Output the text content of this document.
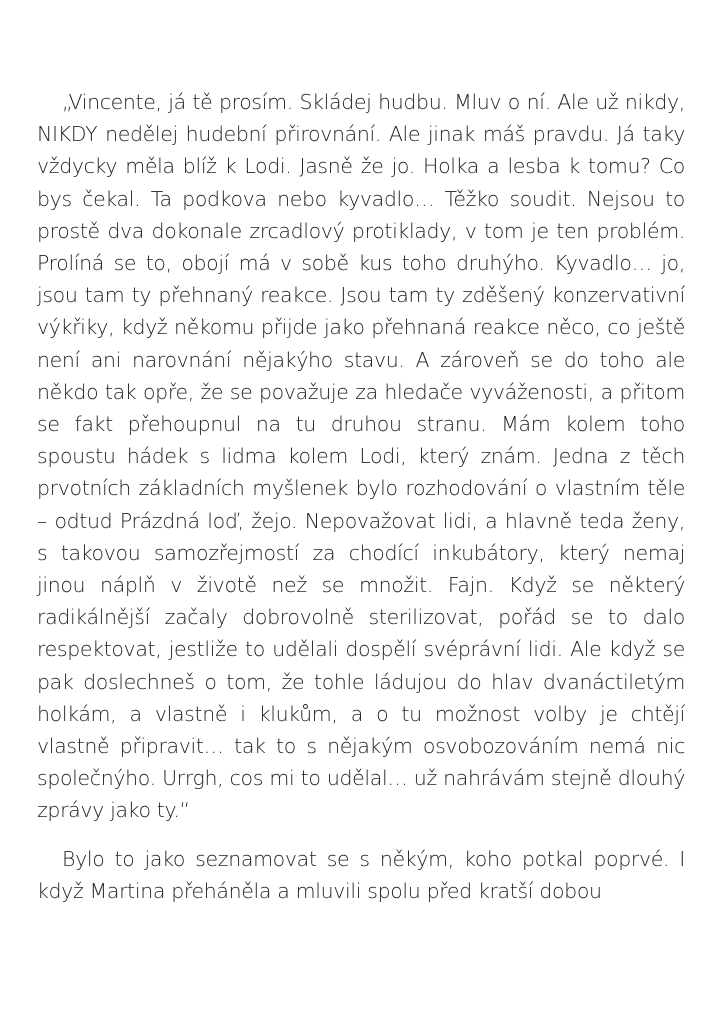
„Vincente, já tě prosím. Skládej hudbu. Mluv o ní. Ale už nikdy, NIKDY nedělej hudební přirovnání. Ale jinak máš pravdu. Já taky vždycky měla blíž k Lodi. Jasně že jo. Holka a lesba k tomu? Co bys čekal. Ta podkova nebo kyvadlo… Těžko soudit. Nejsou to prostě dva dokonale zrcadlový protiklady, v tom je ten problém. Prolíná se to, obojí má v sobě kus toho druhýho. Kyvadlo… jo, jsou tam ty přehnaný reakce. Jsou tam ty zděšený konzervativní výkřiky, když někomu přijde jako přehnaná reakce něco, co ještě není ani narovnání nějakýho stavu. A zároveň se do toho ale někdo tak opře, že se považuje za hledače vyváženosti, a přitom se fakt přehoupnul na tu druhou stranu. Mám kolem toho spoustu hádek s lidma kolem Lodi, který znám. Jedna z těch prvotních základních myšlenek bylo rozhodování o vlastním těle – odtud Prázdná loď, žejo. Nepovažovat lidi, a hlavně teda ženy, s takovou samozřejmostí za chodící inkubátory, který nemaj jinou náplň v životě než se množit. Fajn. Když se některý radikálnější začaly dobrovolně sterilizovat, pořád se to dalo respektovat, jestliže to udělali dospělí svéprávní lidi. Ale když se pak doslechneš o tom, že tohle ládujou do hlav dvanáctiletým holkám, a vlastně i klukům, a o tu možnost volby je chtějí vlastně připravit… tak to s nějakým osvobozováním nemá nic společnýho. Urrgh, cos mi to udělal… už nahrávám stejně dlouhý zprávy jako ty.“

Bylo to jako seznamovat se s někým, koho potkal poprvé. I když Martina přeháněla a mluvili spolu před kratší dobou
